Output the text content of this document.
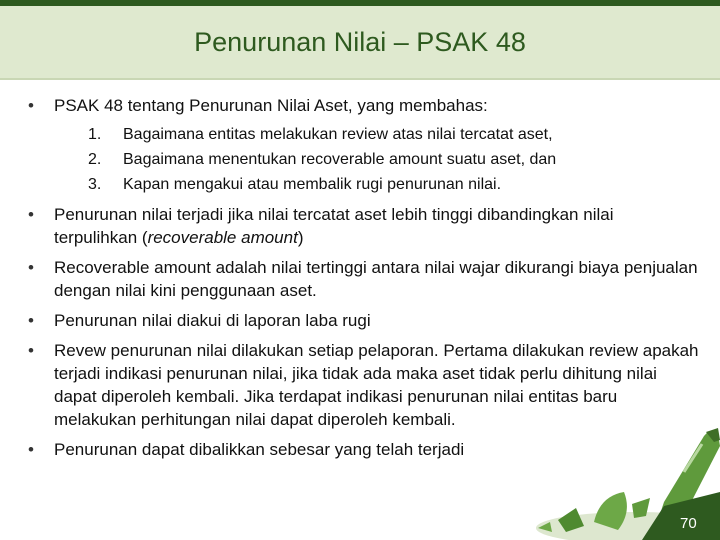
Penurunan Nilai – PSAK 48
•	PSAK 48 tentang Penurunan Nilai Aset, yang membahas:
1. Bagaimana entitas melakukan review atas nilai tercatat aset,
2. Bagaimana menentukan recoverable amount suatu aset, dan
3. Kapan mengakui atau membalik rugi penurunan nilai.
•	Penurunan nilai terjadi jika nilai tercatat aset lebih tinggi dibandingkan nilai terpulihkan (recoverable amount)
•	Recoverable amount adalah nilai tertinggi antara nilai wajar dikurangi biaya penjualan dengan nilai kini penggunaan aset.
•	Penurunan nilai diakui di laporan laba rugi
•	Revew penurunan nilai dilakukan setiap pelaporan. Pertama dilakukan review apakah terjadi indikasi penurunan nilai, jika tidak ada maka aset tidak perlu dihitung nilai dapat diperoleh kembali. Jika terdapat indikasi penurunan nilai entitas baru melakukan perhitungan nilai dapat diperoleh kembali.
•	Penurunan dapat dibalikkan sebesar yang telah terjadi
70
